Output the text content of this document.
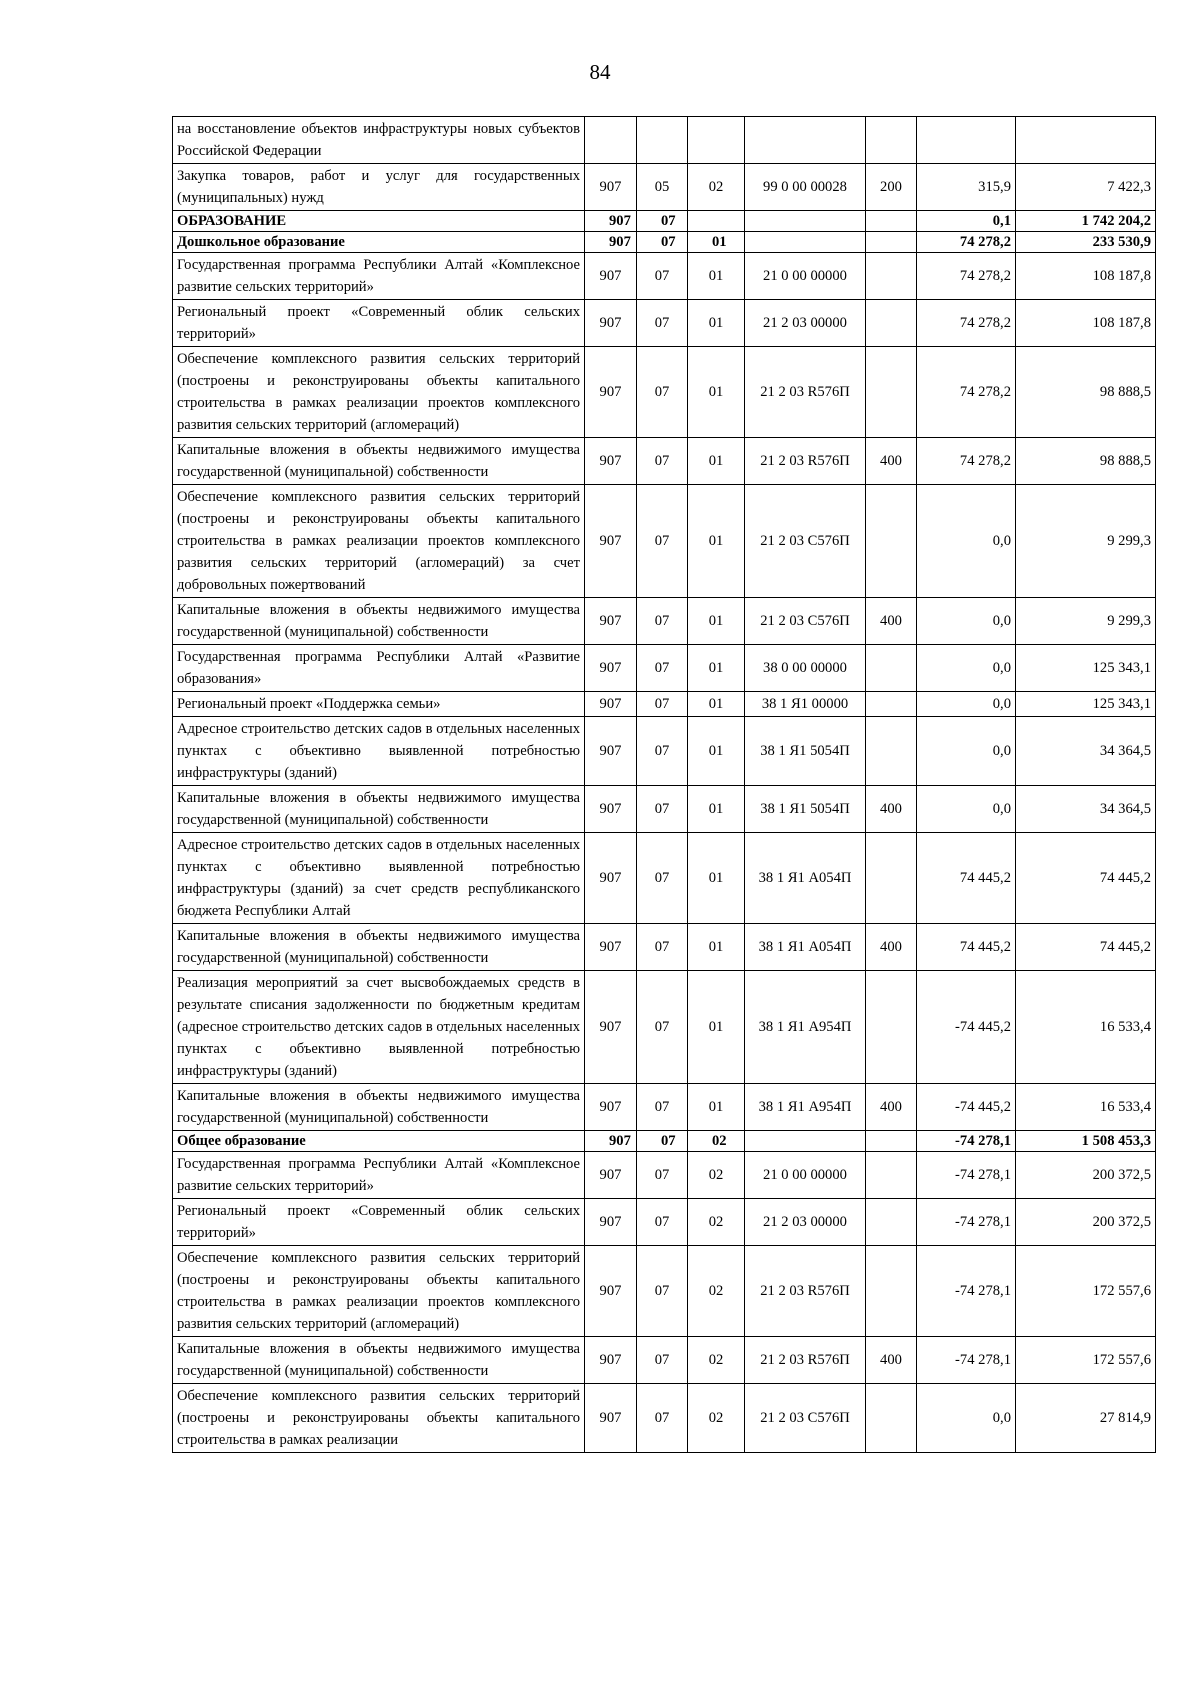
84
на восстановление объектов инфраструктуры новых субъектов Российской Федерации							
Закупка товаров, работ и услуг для государственных (муниципальных) нужд	907	05	02	99 0 00 00028	200	315,9	7 422,3
ОБРАЗОВАНИЕ	907	07				0,1	1 742 204,2
Дошкольное образование	907	07	01			74 278,2	233 530,9
Государственная программа Республики Алтай «Комплексное развитие сельских территорий»	907	07	01	21 0 00 00000		74 278,2	108 187,8
Региональный проект «Современный облик сельских территорий»	907	07	01	21 2 03 00000		74 278,2	108 187,8
Обеспечение комплексного развития сельских территорий (построены и реконструированы объекты капитального строительства в рамках реализации проектов комплексного развития сельских территорий (агломераций)	907	07	01	21 2 03 R576П		74 278,2	98 888,5
Капитальные вложения в объекты недвижимого имущества государственной (муниципальной) собственности	907	07	01	21 2 03 R576П	400	74 278,2	98 888,5
Обеспечение комплексного развития сельских территорий (построены и реконструированы объекты капитального строительства в рамках реализации проектов комплексного развития сельских территорий (агломераций) за счет добровольных пожертвований	907	07	01	21 2 03 C576П		0,0	9 299,3
Капитальные вложения в объекты недвижимого имущества государственной (муниципальной) собственности	907	07	01	21 2 03 C576П	400	0,0	9 299,3
Государственная программа Республики Алтай «Развитие образования»	907	07	01	38 0 00 00000		0,0	125 343,1
Региональный проект «Поддержка семьи»	907	07	01	38 1 Я1 00000		0,0	125 343,1
Адресное строительство детских садов в отдельных населенных пунктах с объективно выявленной потребностью инфраструктуры (зданий)	907	07	01	38 1 Я1 5054П		0,0	34 364,5
Капитальные вложения в объекты недвижимого имущества государственной (муниципальной) собственности	907	07	01	38 1 Я1 5054П	400	0,0	34 364,5
Адресное строительство детских садов в отдельных населенных пунктах с объективно выявленной потребностью инфраструктуры (зданий) за счет средств республиканского бюджета Республики Алтай	907	07	01	38 1 Я1 А054П		74 445,2	74 445,2
Капитальные вложения в объекты недвижимого имущества государственной (муниципальной) собственности	907	07	01	38 1 Я1 А054П	400	74 445,2	74 445,2
Реализация мероприятий за счет высвобождаемых средств в результате списания задолженности по бюджетным кредитам (адресное строительство детских садов в отдельных населенных пунктах с объективно выявленной потребностью инфраструктуры (зданий)	907	07	01	38 1 Я1 А954П		-74 445,2	16 533,4
Капитальные вложения в объекты недвижимого имущества государственной (муниципальной) собственности	907	07	01	38 1 Я1 А954П	400	-74 445,2	16 533,4
Общее образование	907	07	02			-74 278,1	1 508 453,3
Государственная программа Республики Алтай «Комплексное развитие сельских территорий»	907	07	02	21 0 00 00000		-74 278,1	200 372,5
Региональный проект «Современный облик сельских территорий»	907	07	02	21 2 03 00000		-74 278,1	200 372,5
Обеспечение комплексного развития сельских территорий (построены и реконструированы объекты капитального строительства в рамках реализации проектов комплексного развития сельских территорий (агломераций)	907	07	02	21 2 03 R576П		-74 278,1	172 557,6
Капитальные вложения в объекты недвижимого имущества государственной (муниципальной) собственности	907	07	02	21 2 03 R576П	400	-74 278,1	172 557,6
Обеспечение комплексного развития сельских территорий (построены и реконструированы объекты капитального строительства в рамках реализации	907	07	02	21 2 03 C576П		0,0	27 814,9
